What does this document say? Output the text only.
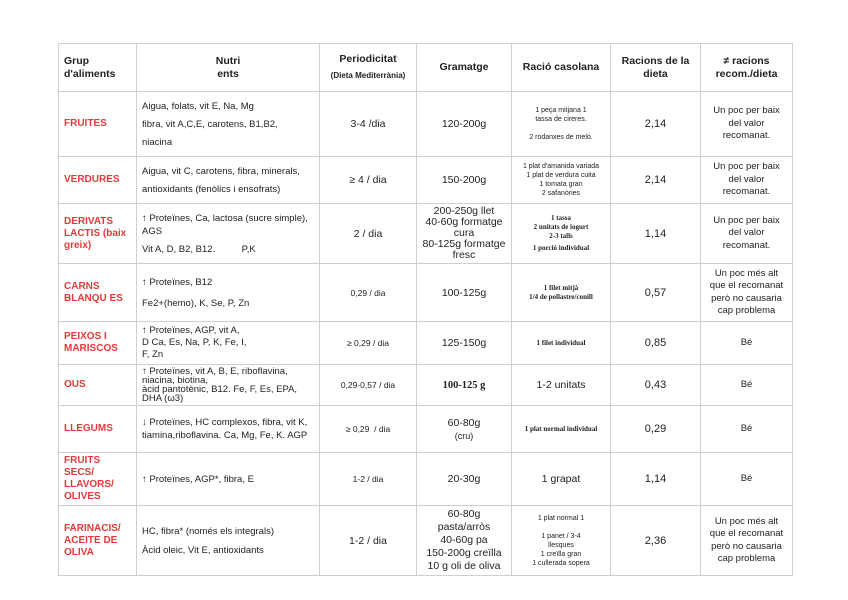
Grup d'aliments	Nutri
ents	Periodicitat
(Dieta Mediterrània)	Gramatge	Ració casolana	Racions de la dieta	≠ racions recom./dieta
FRUITES	Aigua, folats, vit E, Na, Mg
fibra, vit A,C,E, carotens, B1,B2,
niacina	3-4 /dia	120-200g	1 peça mitjana 1
tassa de cireres.

2 rodanxes de meló.	2,14	Un poc per baix del valor recomanat.
VERDURES	Aigua, vit C, carotens, fibra, minerals,
antioxidants (fenòlics i ensofrats)	≥ 4 / dia	150-200g	1 plat d'amanida variada
1 plat de verdura cuita
1 tomata gran
2 safanòries	2,14	Un poc per baix del valor recomanat.
DERIVATS LACTIS (baix greix)	↑ Proteïnes, Ca, lactosa (sucre simple), AGS
Vit A, D, B2, B12.          P,K	2 / dia	200-250g llet
40-60g formatge cura
80-125g formatge fresc	1 tassa
2 unitats de iogurt
2-3 talls
1 porció individual	1,14	Un poc per baix del valor recomanat.
CARNS BLANQU ES	↑ Proteïnes, B12
Fe2+(hemo), K, Se, P, Zn	0,29 / dia	100-125g	1 filet mitjà
1/4 de pollastre/conill	0,57	Un poc més alt que el recomanat però no causaria cap problema
PEIXOS I MARISCOS	↑ Proteïnes, AGP, vit A,
D Ca, Es, Na, P, K, Fe, I,
F, Zn	≥ 0,29 / dia	125-150g	1 filet individual	0,85	Bé
OUS	↑ Proteïnes, vit A, B, E, riboflavina, niacina, biotina,
àcid pantotènic, B12. Fe, F, Es, EPA, DHA (ω3)	0,29-0,57 / dia	100-125 g	1-2 unitats	0,43	Bé
LLEGUMS	↓ Proteïnes, HC complexos, fibra, vit K,
tiamina,riboflavina. Ca, Mg, Fe, K. AGP	≥ 0,29  / dia	60-80g
(cru)	1 plat normal individual	0,29	Bé
FRUITS SECS/ LLAVORS/ OLIVES	↑ Proteïnes, AGP*, fibra, E	1-2 / dia	20-30g	1 grapat	1,14	Bé
FARINACIS/ ACEITE DE OLIVA	HC, fibra* (només els integrals)
Àcid oleic, Vit E, antioxidants	1-2 / dia	60-80g pasta/arròs
40-60g pa
150-200g creïlla
10 g oli de oliva	1 plat normal 1

1 panet / 3-4
llesques
1 creïlla gran
1 cullerada sopera	2,36	Un poc més alt que el recomanat però no causaria cap problema
